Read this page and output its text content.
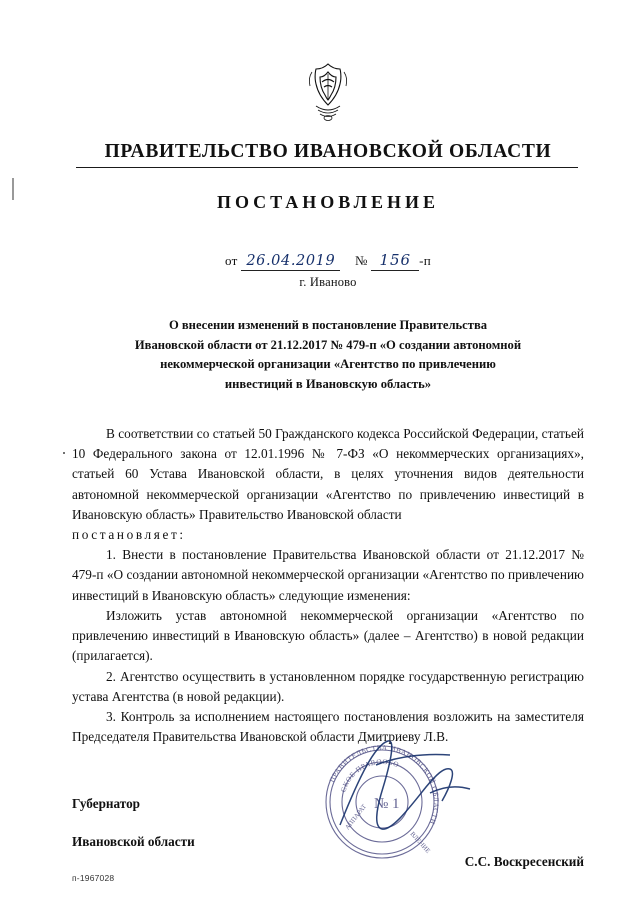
ПРАВИТЕЛЬСТВО ИВАНОВСКОЙ ОБЛАСТИ
ПОСТАНОВЛЕНИЕ
от 26.04.2019 № 156 -п
г. Иваново
О внесении изменений в постановление Правительства
Ивановской области от 21.12.2017 № 479-п «О создании автономной
некоммерческой организации «Агентство по привлечению
инвестиций в Ивановскую область»

В соответствии со статьей 50 Гражданского кодекса Российской Федерации, статьей 10 Федерального закона от 12.01.1996 № 7-ФЗ «О некоммерческих организациях», статьей 60 Устава Ивановской области, в целях уточнения видов деятельности автономной некоммерческой организации «Агентство по привлечению инвестиций в Ивановскую область» Правительство Ивановской области

постановляет:

1. Внести в постановление Правительства Ивановской области от 21.12.2017 № 479-п «О создании автономной некоммерческой организации «Агентство по привлечению инвестиций в Ивановскую область» следующие изменения:

Изложить устав автономной некоммерческой организации «Агентство по привлечению инвестиций в Ивановскую область» (далее – Агентство) в новой редакции (прилагается).

2. Агентство осуществить в установленном порядке государственную регистрацию устава Агентства (в новой редакции).

3. Контроль за исполнением настоящего постановления возложить на заместителя Председателя Правительства Ивановской области Дмитриеву Л.В.

ПРАВИТЕЛЬСТВА ИВАНОВСКОЙ ОБЛАСТИ
СКОЕ ПРАВООБО
АППАРАТ
ВЛЕНИЕ
№ 1

Губернатор

Ивановской области

С.С. Воскресенский
п-1967028
